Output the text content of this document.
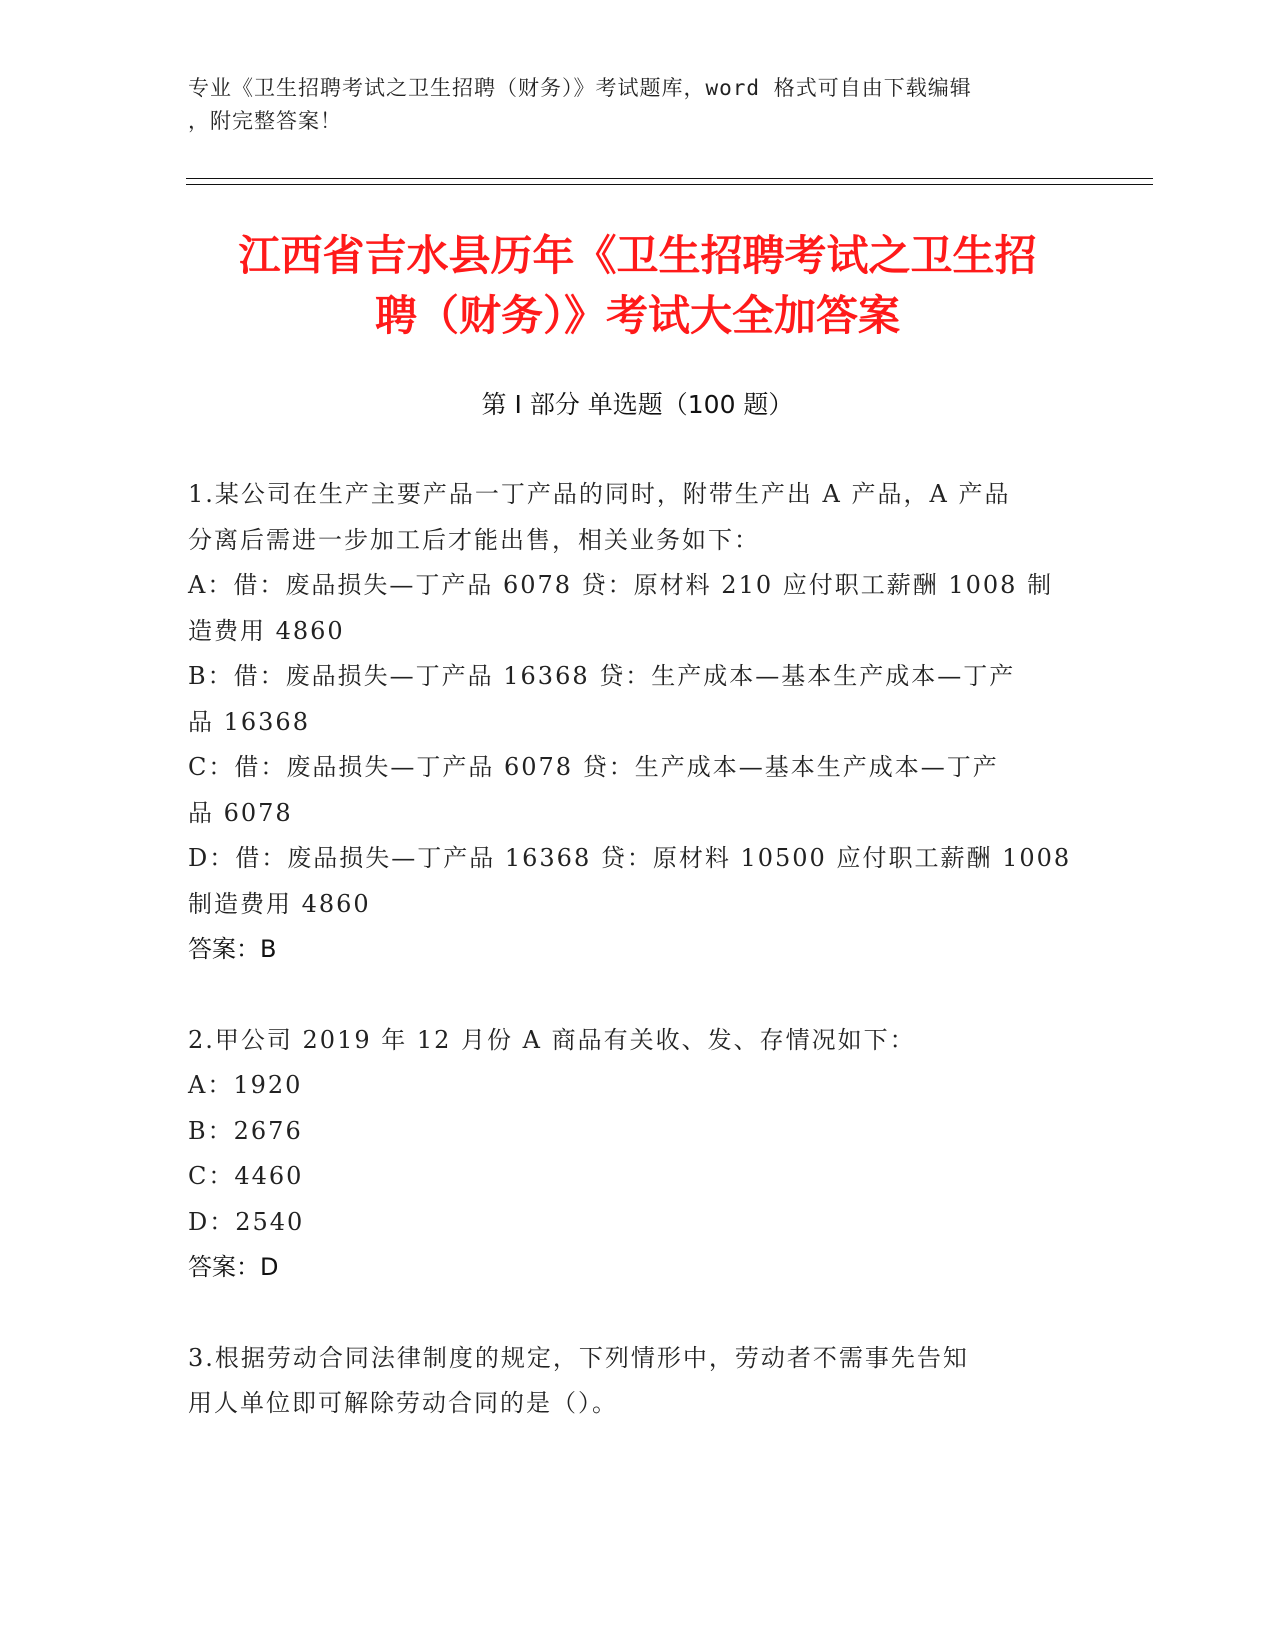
专业《卫生招聘考试之卫生招聘（财务）》考试题库，word 格式可自由下载编辑
，附完整答案！
江西省吉水县历年《卫生招聘考试之卫生招
聘（财务）》考试大全加答案
第 I 部分 单选题（100 题）

1.某公司在生产主要产品一丁产品的同时，附带生产出 A 产品，A 产品

分离后需进一步加工后才能出售，相关业务如下：

A：借：废品损失—丁产品 6078 贷：原材料 210 应付职工薪酬 1008 制

造费用 4860

B：借：废品损失—丁产品 16368 贷：生产成本—基本生产成本—丁产

品 16368

C：借：废品损失—丁产品 6078 贷：生产成本—基本生产成本—丁产

品 6078

D：借：废品损失—丁产品 16368 贷：原材料 10500 应付职工薪酬 1008

制造费用 4860

答案：B

2.甲公司 2019 年 12 月份 A 商品有关收、发、存情况如下：

A：1920

B：2676

C：4460

D：2540

答案：D

3.根据劳动合同法律制度的规定，下列情形中，劳动者不需事先告知

用人单位即可解除劳动合同的是（）。
